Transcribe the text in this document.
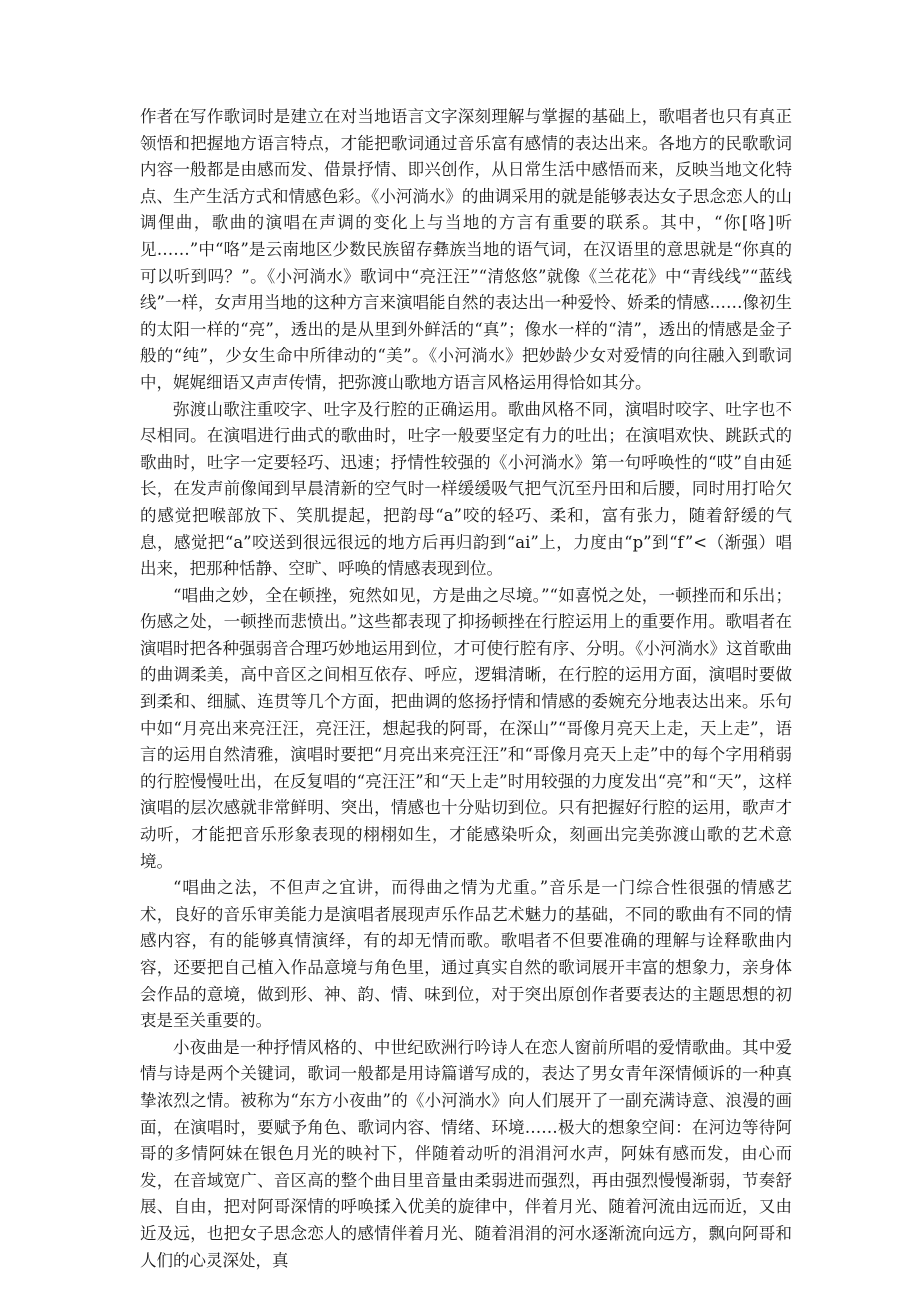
作者在写作歌词时是建立在对当地语言文字深刻理解与掌握的基础上，歌唱者也只有真正领悟和把握地方语言特点，才能把歌词通过音乐富有感情的表达出来。各地方的民歌歌词内容一般都是由感而发、借景抒情、即兴创作，从日常生活中感悟而来，反映当地文化特点、生产生活方式和情感色彩。《小河淌水》的曲调采用的就是能够表达女子思念恋人的山调俚曲，歌曲的演唱在声调的变化上与当地的方言有重要的联系。其中，“你[咯]听见……”中“咯”是云南地区少数民族留存彝族当地的语气词，在汉语里的意思就是“你真的可以听到吗？”。《小河淌水》歌词中“亮汪汪”“清悠悠”就像《兰花花》中“青线线”“蓝线线”一样，女声用当地的这种方言来演唱能自然的表达出一种爱怜、娇柔的情感……像初生的太阳一样的“亮”，透出的是从里到外鲜活的“真”；像水一样的“清”，透出的情感是金子般的“纯”，少女生命中所律动的“美”。《小河淌水》把妙龄少女对爱情的向往融入到歌词中，娓娓细语又声声传情，把弥渡山歌地方语言风格运用得恰如其分。

弥渡山歌注重咬字、吐字及行腔的正确运用。歌曲风格不同，演唱时咬字、吐字也不尽相同。在演唱进行曲式的歌曲时，吐字一般要坚定有力的吐出；在演唱欢快、跳跃式的歌曲时，吐字一定要轻巧、迅速；抒情性较强的《小河淌水》第一句呼唤性的“哎”自由延长，在发声前像闻到早晨清新的空气时一样缓缓吸气把气沉至丹田和后腰，同时用打哈欠的感觉把喉部放下、笑肌提起，把韵母“a”咬的轻巧、柔和，富有张力，随着舒缓的气息，感觉把“a”咬送到很远很远的地方后再归韵到“ai”上，力度由“p”到“f”<（渐强）唱出来，把那种恬静、空旷、呼唤的情感表现到位。

“唱曲之妙，全在顿挫，宛然如见，方是曲之尽境。”“如喜悦之处，一顿挫而和乐出；伤感之处，一顿挫而悲愤出。”这些都表现了抑扬顿挫在行腔运用上的重要作用。歌唱者在演唱时把各种强弱音合理巧妙地运用到位，才可使行腔有序、分明。《小河淌水》这首歌曲的曲调柔美，高中音区之间相互依存、呼应，逻辑清晰，在行腔的运用方面，演唱时要做到柔和、细腻、连贯等几个方面，把曲调的悠扬抒情和情感的委婉充分地表达出来。乐句中如“月亮出来亮汪汪，亮汪汪，想起我的阿哥，在深山”“哥像月亮天上走，天上走”，语言的运用自然清雅，演唱时要把“月亮出来亮汪汪”和“哥像月亮天上走”中的每个字用稍弱的行腔慢慢吐出，在反复唱的“亮汪汪”和“天上走”时用较强的力度发出“亮”和“天”，这样演唱的层次感就非常鲜明、突出，情感也十分贴切到位。只有把握好行腔的运用，歌声才动听，才能把音乐形象表现的栩栩如生，才能感染听众，刻画出完美弥渡山歌的艺术意境。

“唱曲之法，不但声之宜讲，而得曲之情为尤重。”音乐是一门综合性很强的情感艺术，良好的音乐审美能力是演唱者展现声乐作品艺术魅力的基础，不同的歌曲有不同的情感内容，有的能够真情演绎，有的却无情而歌。歌唱者不但要准确的理解与诠释歌曲内容，还要把自己植入作品意境与角色里，通过真实自然的歌词展开丰富的想象力，亲身体会作品的意境，做到形、神、韵、情、味到位，对于突出原创作者要表达的主题思想的初衷是至关重要的。

小夜曲是一种抒情风格的、中世纪欧洲行吟诗人在恋人窗前所唱的爱情歌曲。其中爱情与诗是两个关键词，歌词一般都是用诗篇谱写成的，表达了男女青年深情倾诉的一种真挚浓烈之情。被称为“东方小夜曲”的《小河淌水》向人们展开了一副充满诗意、浪漫的画面，在演唱时，要赋予角色、歌词内容、情绪、环境……极大的想象空间：在河边等待阿哥的多情阿妹在银色月光的映衬下，伴随着动听的涓涓河水声，阿妹有感而发，由心而发，在音域宽广、音区高的整个曲目里音量由柔弱进而强烈，再由强烈慢慢渐弱，节奏舒展、自由，把对阿哥深情的呼唤揉入优美的旋律中，伴着月光、随着河流由远而近，又由近及远，也把女子思念恋人的感情伴着月光、随着涓涓的河水逐渐流向远方，飘向阿哥和人们的心灵深处，真
